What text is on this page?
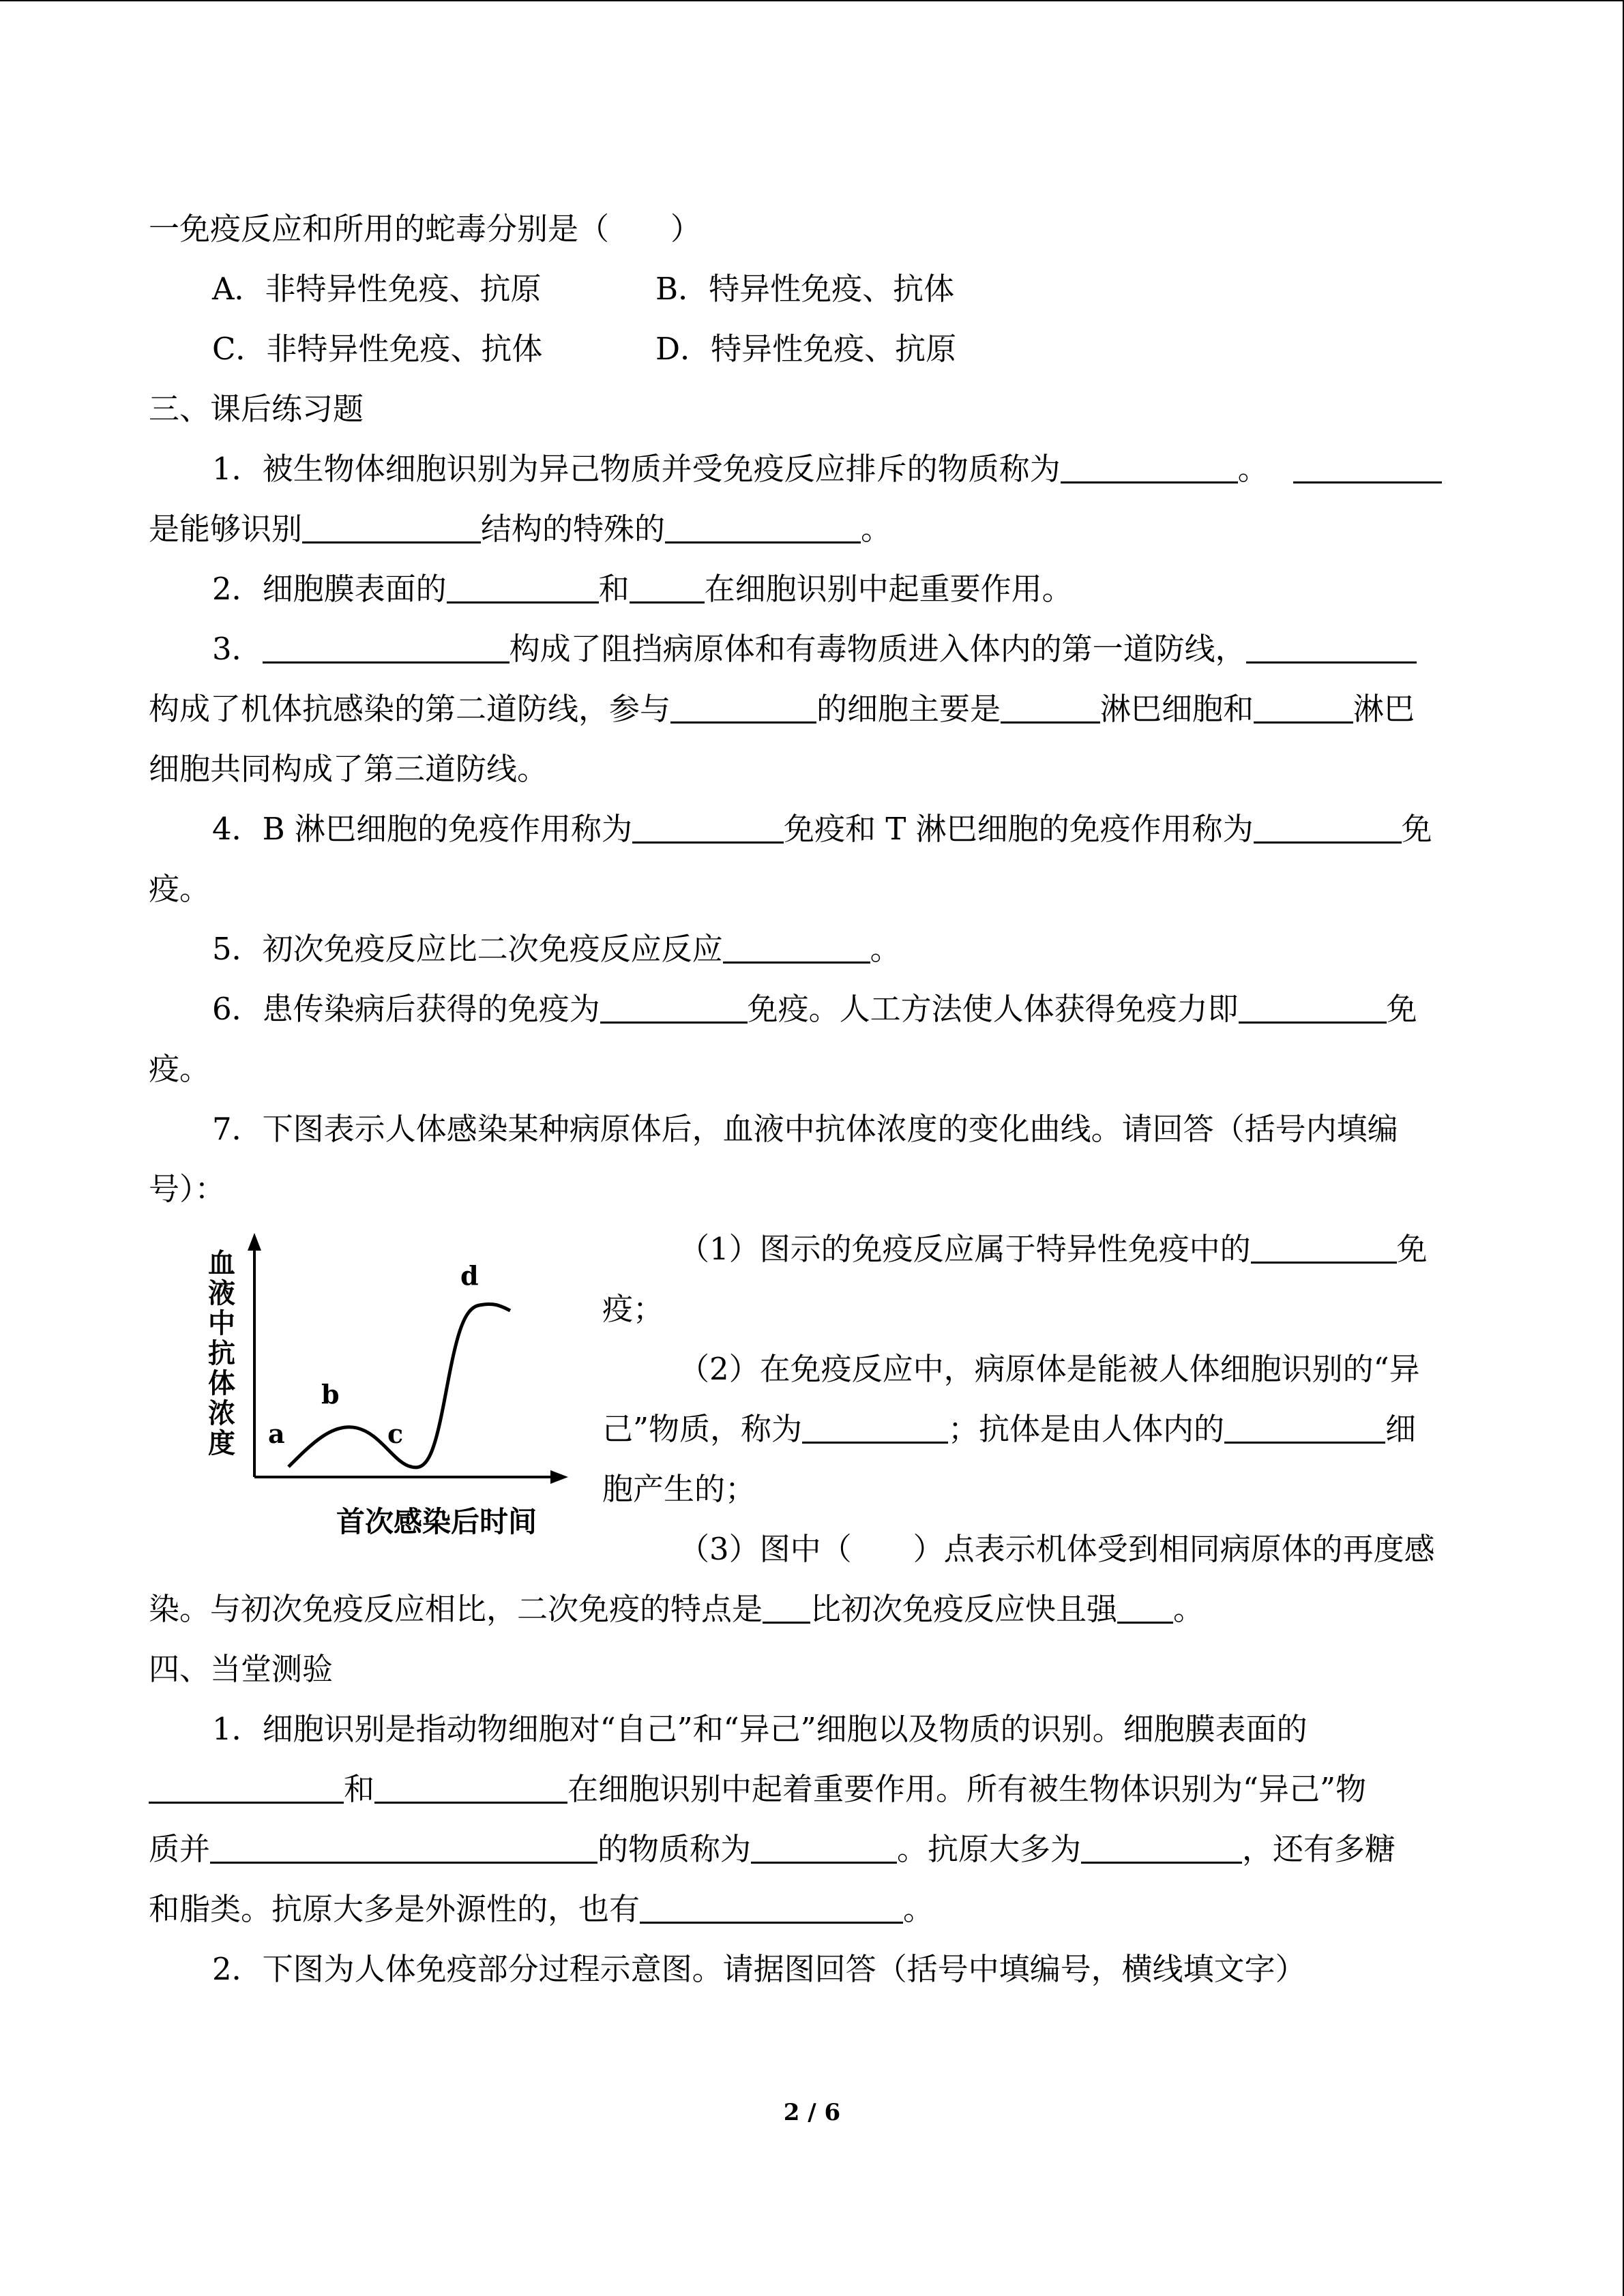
一免疫反应和所用的蛇毒分别是（　　）
A．非特异性免疫、抗原	B．特异性免疫、抗体
C．非特异性免疫、抗体	D．特异性免疫、抗原
三、课后练习题
1．被生物体细胞识别为异己物质并受免疫反应排斥的物质称为	。
是能够识别	结构的特殊的	。
2．细胞膜表面的	和 在细胞识别中起重要作用。
3．	构成了阻挡病原体和有毒物质进入体内的第一道防线，
构成了机体抗感染的第二道防线，参与	的细胞主要是	淋巴细胞和	淋巴
细胞共同构成了第三道防线。
4．B 淋巴细胞的免疫作用称为	免疫和 T 淋巴细胞的免疫作用称为	免
疫。
5．初次免疫反应比二次免疫反应反应	。
6．患传染病后获得的免疫为	免疫。人工方法使人体获得免疫力即	免
疫。
7．下图表示人体感染某种病原体后，血液中抗体浓度的变化曲线。请回答（括号内填编
号）：
血
液
中
抗
体
浓
度 a
b
c
d
首次感染后时间
（1）图示的免疫反应属于特异性免疫中的	免
疫；
（2）在免疫反应中，病原体是能被人体细胞识别的“异
己”物质，称为	；抗体是由人体内的	细
胞产生的；
（3）图中（　　）点表示机体受到相同病原体的再度感
染。与初次免疫反应相比，二次免疫的特点是 比初次免疫反应快且强 。
四、当堂测验
1．细胞识别是指动物细胞对“自己”和“异己”细胞以及物质的识别。细胞膜表面的
和	在细胞识别中起着重要作用。所有被生物体识别为“异己”物
质并	的物质称为	。抗原大多为	，还有多糖
和脂类。抗原大多是外源性的，也有	。
2．下图为人体免疫部分过程示意图。请据图回答（括号中填编号，横线填文字）
2 / 6
